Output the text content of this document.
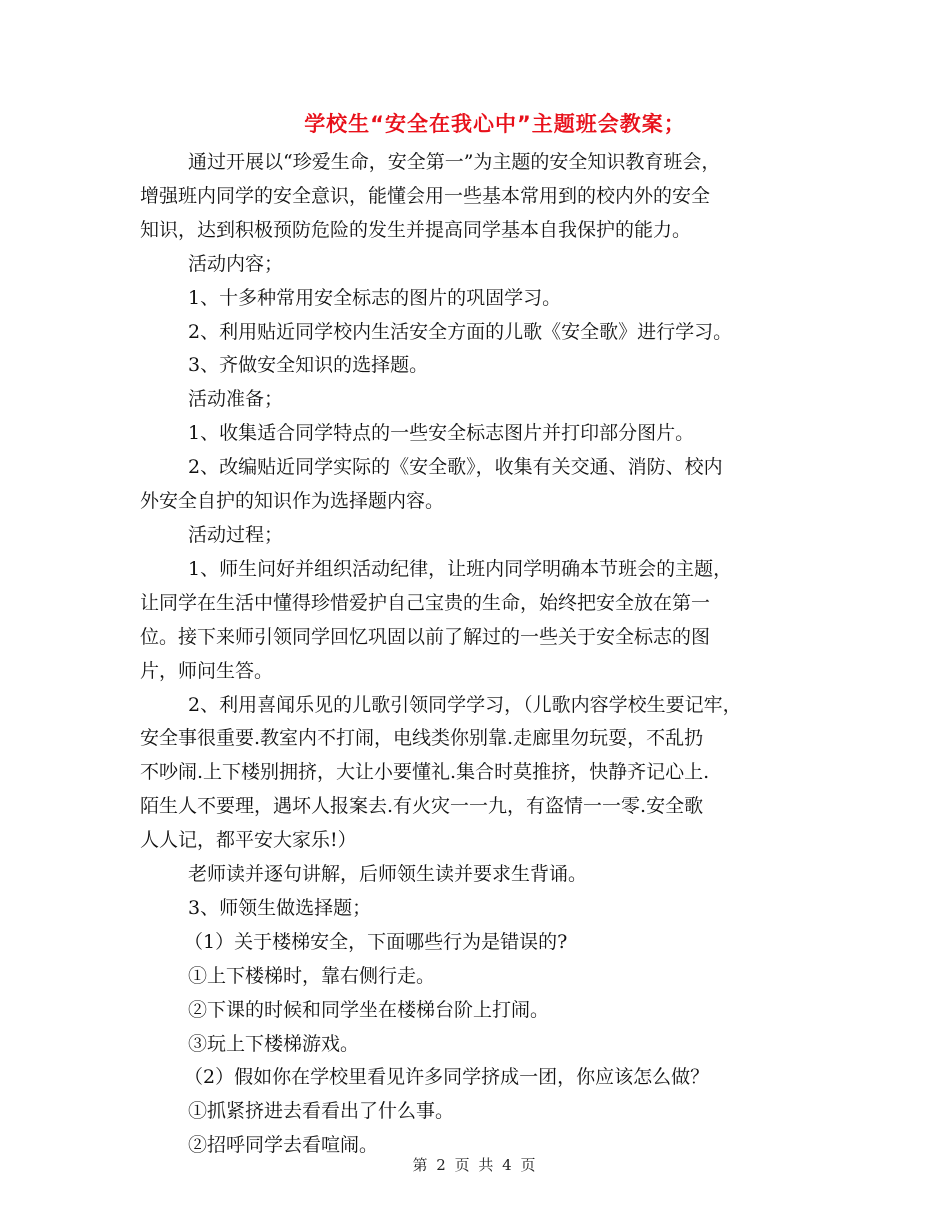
学校生“安全在我心中”主题班会教案；

通过开展以“珍爱生命，安全第一”为主题的安全知识教育班会，

增强班内同学的安全意识，能懂会用一些基本常用到的校内外的安全

知识，达到积极预防危险的发生并提高同学基本自我保护的能力。

活动内容；

1、十多种常用安全标志的图片的巩固学习。

2、利用贴近同学校内生活安全方面的儿歌《安全歌》进行学习。

3、齐做安全知识的选择题。

活动准备；

1、收集适合同学特点的一些安全标志图片并打印部分图片。

2、改编贴近同学实际的《安全歌》，收集有关交通、消防、校内

外安全自护的知识作为选择题内容。

活动过程；

1、师生问好并组织活动纪律，让班内同学明确本节班会的主题，

让同学在生活中懂得珍惜爱护自己宝贵的生命，始终把安全放在第一

位。接下来师引领同学回忆巩固以前了解过的一些关于安全标志的图

片，师问生答。

2、利用喜闻乐见的儿歌引领同学学习，（儿歌内容学校生要记牢，

安全事很重要.教室内不打闹，电线类你别靠.走廊里勿玩耍，不乱扔

不吵闹.上下楼别拥挤，大让小要懂礼.集合时莫推挤，快静齐记心上.

陌生人不要理，遇坏人报案去.有火灾一一九，有盗情一一零.安全歌

人人记，都平安大家乐!）

老师读并逐句讲解，后师领生读并要求生背诵。

3、师领生做选择题；

（1）关于楼梯安全，下面哪些行为是错误的?

①上下楼梯时，靠右侧行走。

②下课的时候和同学坐在楼梯台阶上打闹。

③玩上下楼梯游戏。

（2）假如你在学校里看见许多同学挤成一团，你应该怎么做？

①抓紧挤进去看看出了什么事。

②招呼同学去看喧闹。

第 2 页 共 4 页
